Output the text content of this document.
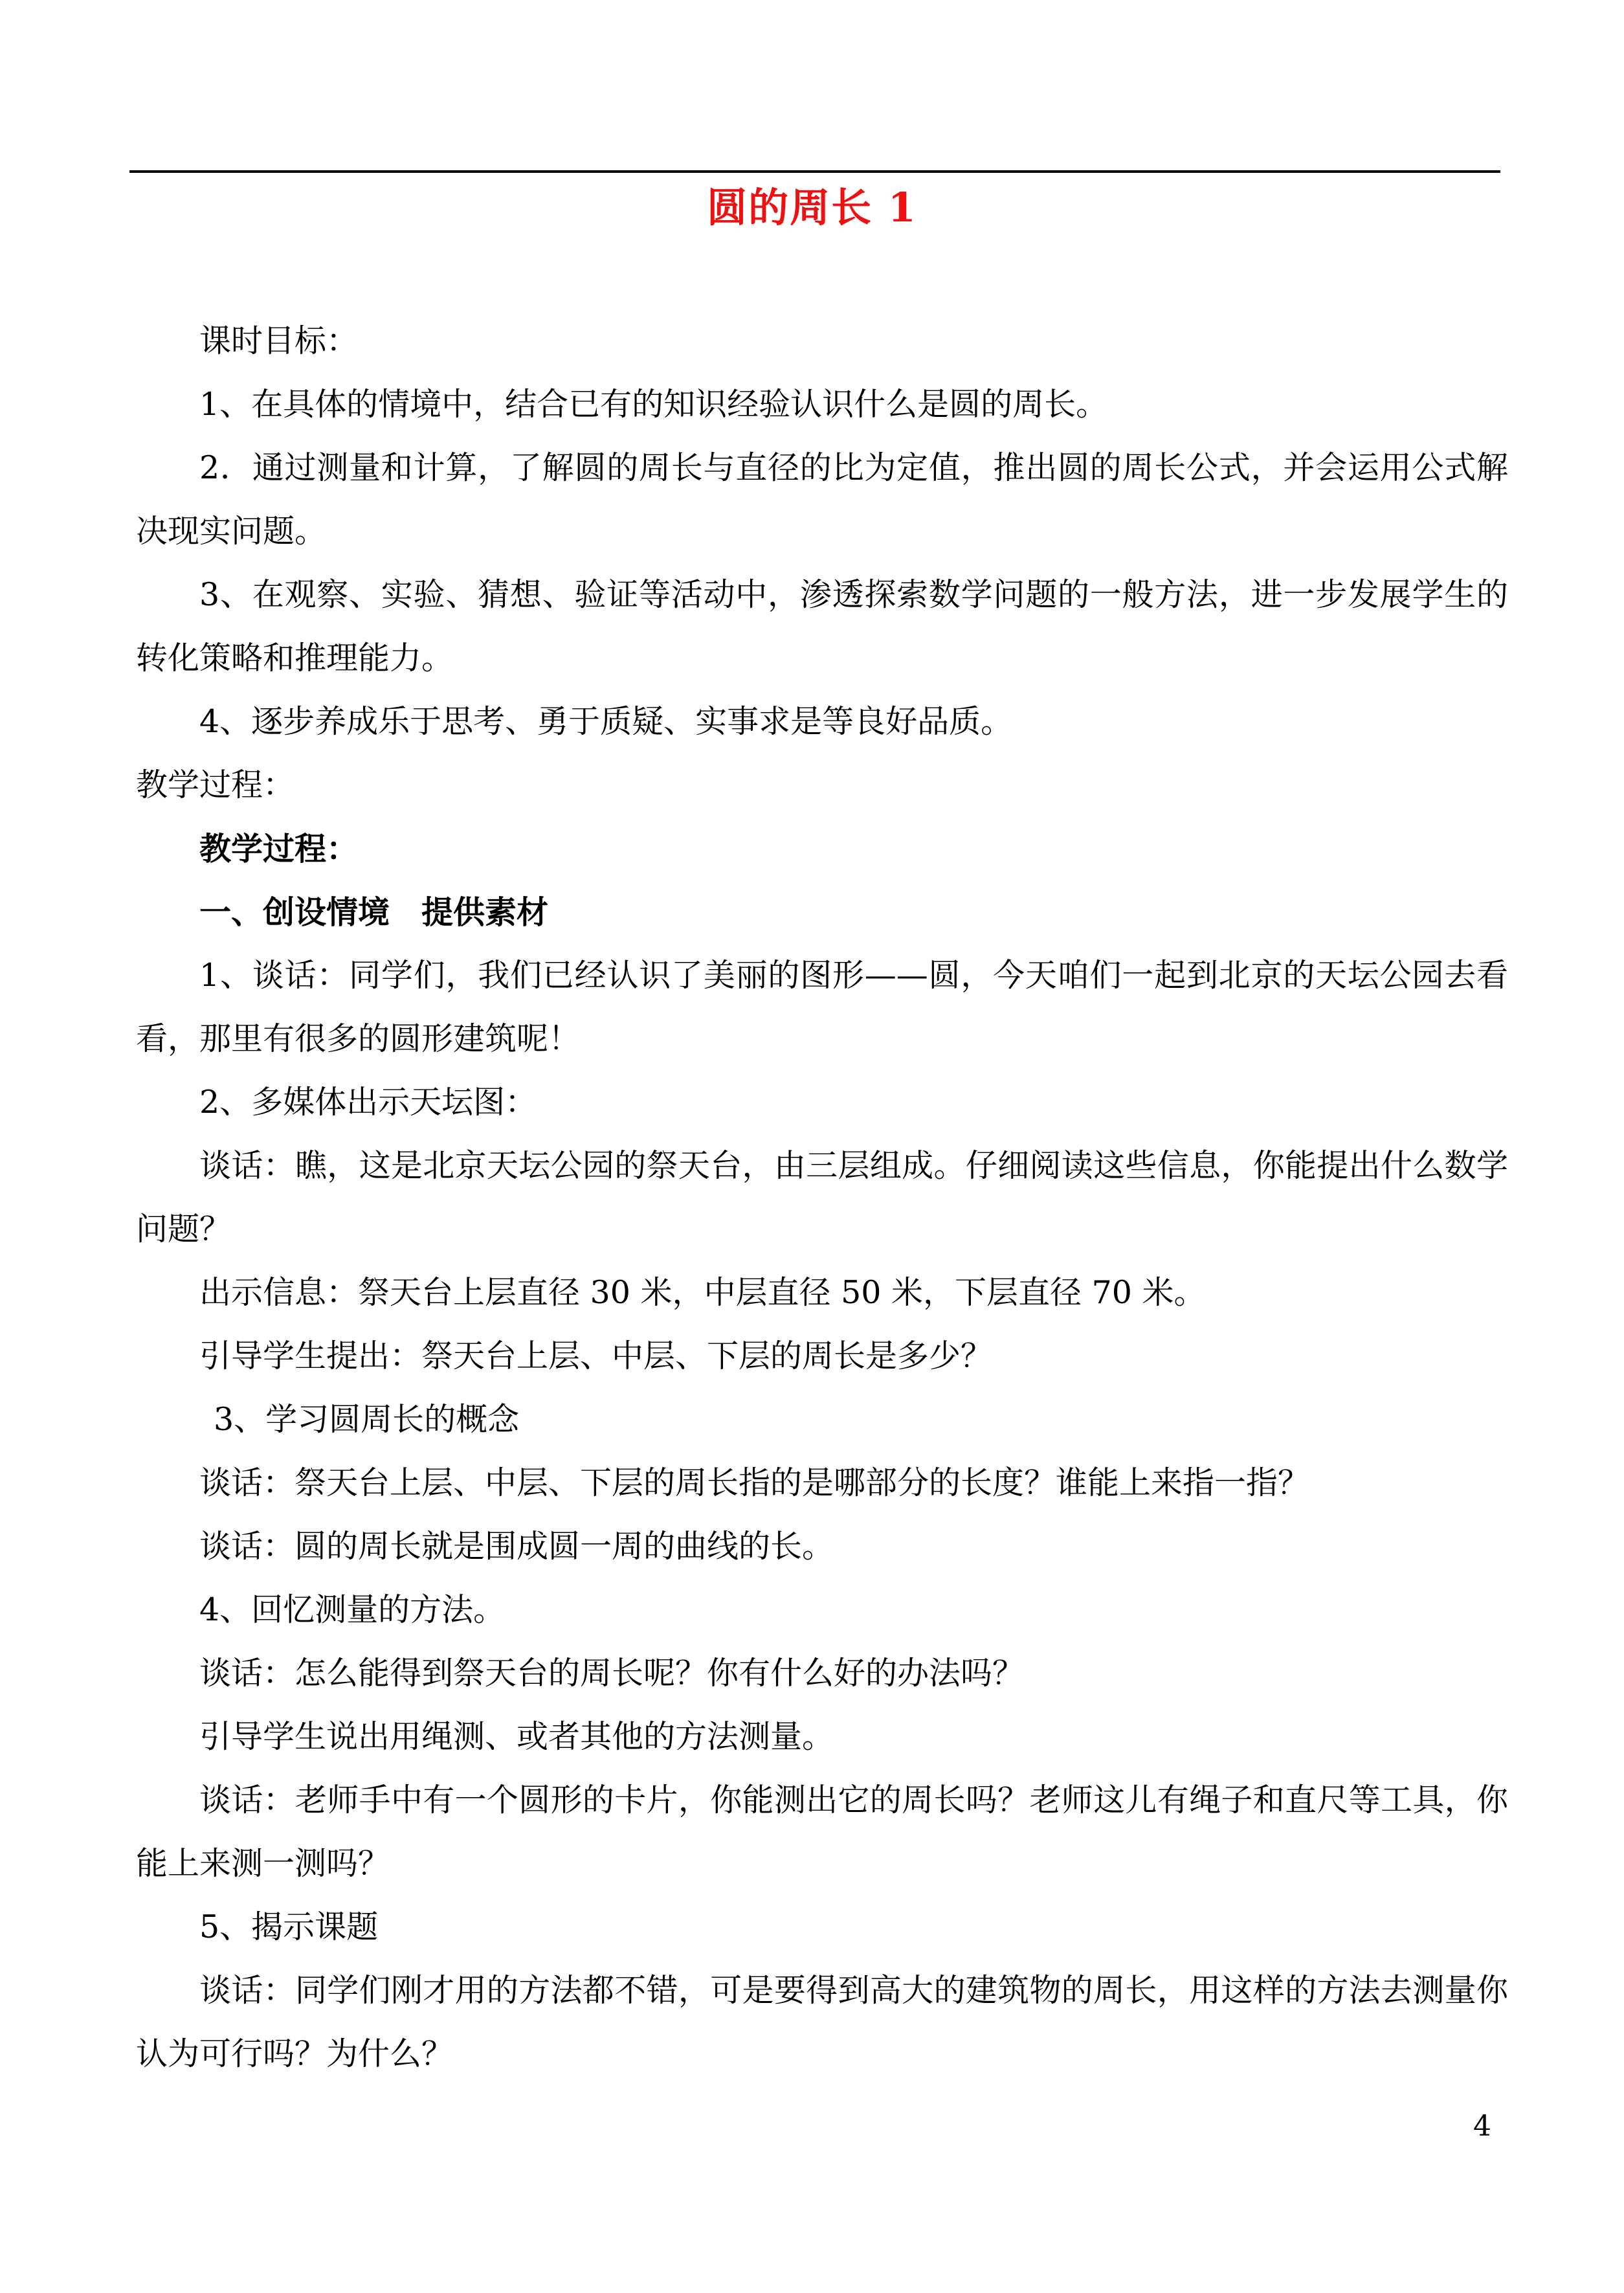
圆的周长 1

课时目标：

1、在具体的情境中，结合已有的知识经验认识什么是圆的周长。

2．通过测量和计算，了解圆的周长与直径的比为定值，推出圆的周长公式，并会运用公式解决现实问题。

3、在观察、实验、猜想、验证等活动中，渗透探索数学问题的一般方法，进一步发展学生的转化策略和推理能力。

4、逐步养成乐于思考、勇于质疑、实事求是等良好品质。

教学过程：

教学过程：

一、创设情境　提供素材

1、谈话：同学们，我们已经认识了美丽的图形——圆，今天咱们一起到北京的天坛公园去看看，那里有很多的圆形建筑呢！

2、多媒体出示天坛图：

谈话：瞧，这是北京天坛公园的祭天台，由三层组成。仔细阅读这些信息，你能提出什么数学问题？

出示信息：祭天台上层直径 30 米，中层直径 50 米，下层直径 70 米。

引导学生提出：祭天台上层、中层、下层的周长是多少？

3、学习圆周长的概念

谈话：祭天台上层、中层、下层的周长指的是哪部分的长度？谁能上来指一指？

谈话：圆的周长就是围成圆一周的曲线的长。

4、回忆测量的方法。

谈话：怎么能得到祭天台的周长呢？你有什么好的办法吗？

引导学生说出用绳测、或者其他的方法测量。

谈话：老师手中有一个圆形的卡片，你能测出它的周长吗？老师这儿有绳子和直尺等工具，你能上来测一测吗？

5、揭示课题

谈话：同学们刚才用的方法都不错，可是要得到高大的建筑物的周长，用这样的方法去测量你认为可行吗？为什么？

4
